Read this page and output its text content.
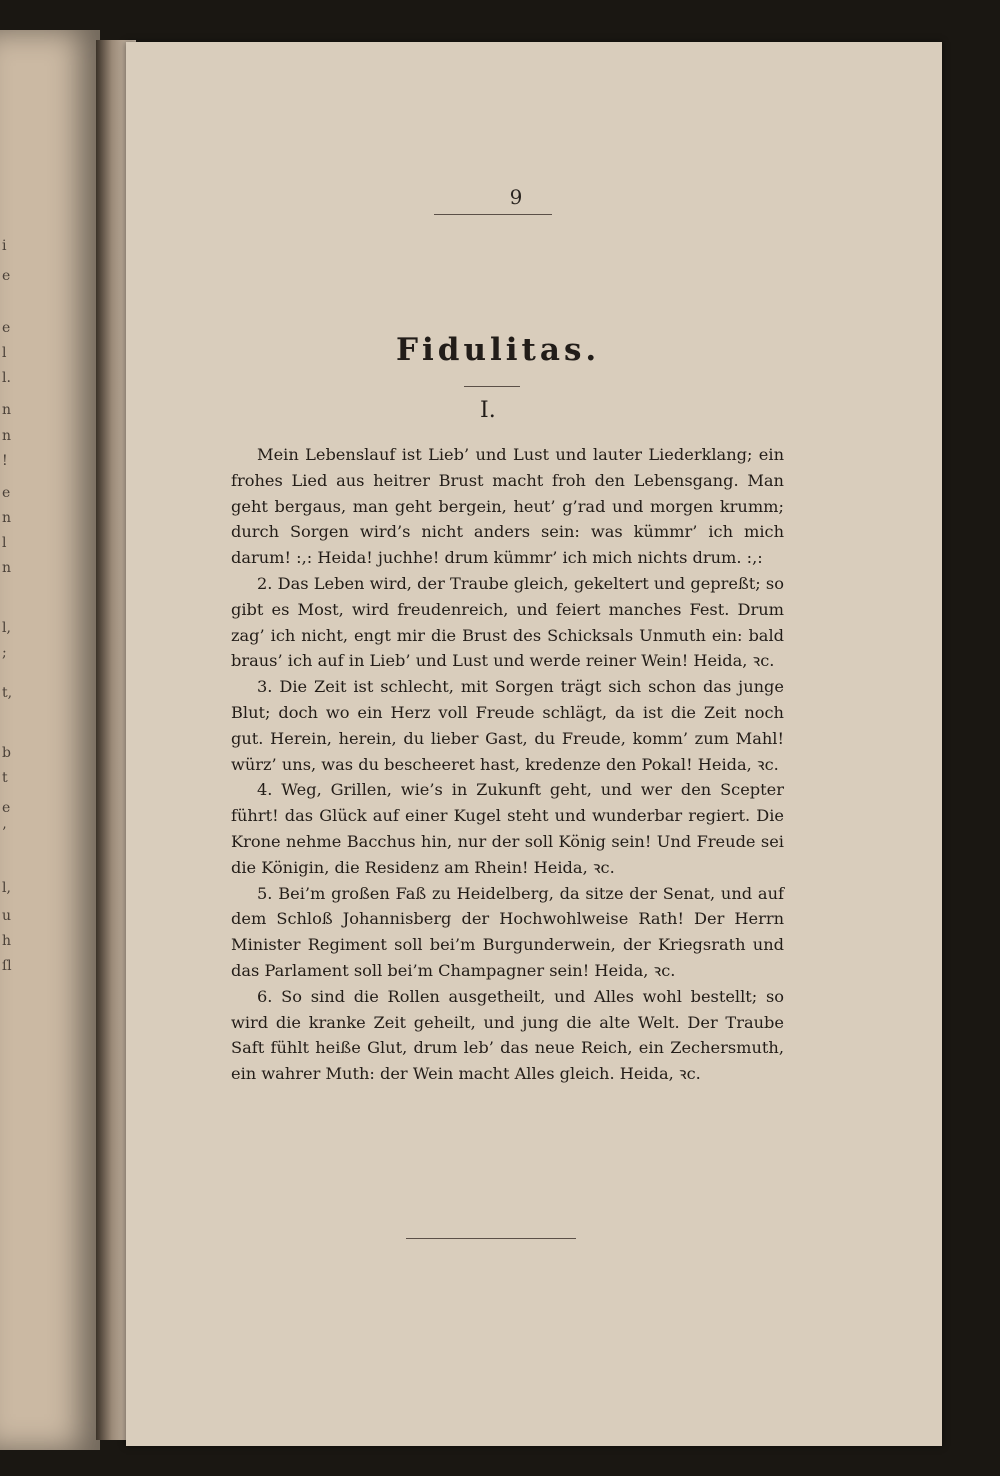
i
e
e
l
l.
n
n
!
e
n
l
n
l,
;
t,
b
t
e
’
l,
u
h
ſl
9
Fidulitas.
I.

Mein Lebenslauf ist Lieb’ und Lust und lauter Liederklang; ein frohes Lied aus heitrer Brust macht froh den Lebensgang. Man geht bergaus, man geht bergein, heut’ g’rad und morgen krumm; durch Sorgen wird’s nicht anders sein: was kümmr’ ich mich darum! :,: Heida! juchhe! drum kümmr’ ich mich nichts drum. :,:

2. Das Leben wird, der Traube gleich, gekeltert und gepreßt; so gibt es Most, wird freudenreich, und feiert manches Fest. Drum zag’ ich nicht, engt mir die Brust des Schicksals Unmuth ein: bald braus’ ich auf in Lieb’ und Lust und werde reiner Wein! Heida, ꝛc.

3. Die Zeit ist schlecht, mit Sorgen trägt sich schon das junge Blut; doch wo ein Herz voll Freude schlägt, da ist die Zeit noch gut. Herein, herein, du lieber Gast, du Freude, komm’ zum Mahl! würz’ uns, was du bescheeret hast, kredenze den Pokal! Heida, ꝛc.

4. Weg, Grillen, wie’s in Zukunft geht, und wer den Scepter führt! das Glück auf einer Kugel steht und wunderbar regiert. Die Krone nehme Bacchus hin, nur der soll König sein! Und Freude sei die Königin, die Residenz am Rhein! Heida, ꝛc.

5. Bei’m großen Faß zu Heidelberg, da sitze der Senat, und auf dem Schloß Johannisberg der Hochwohlweise Rath! Der Herrn Minister Regiment soll bei’m Burgunderwein, der Kriegsrath und das Parlament soll bei’m Champagner sein! Heida, ꝛc.

6. So sind die Rollen ausgetheilt, und Alles wohl bestellt; so wird die kranke Zeit geheilt, und jung die alte Welt. Der Traube Saft fühlt heiße Glut, drum leb’ das neue Reich, ein Zechersmuth, ein wahrer Muth: der Wein macht Alles gleich. Heida, ꝛc.
